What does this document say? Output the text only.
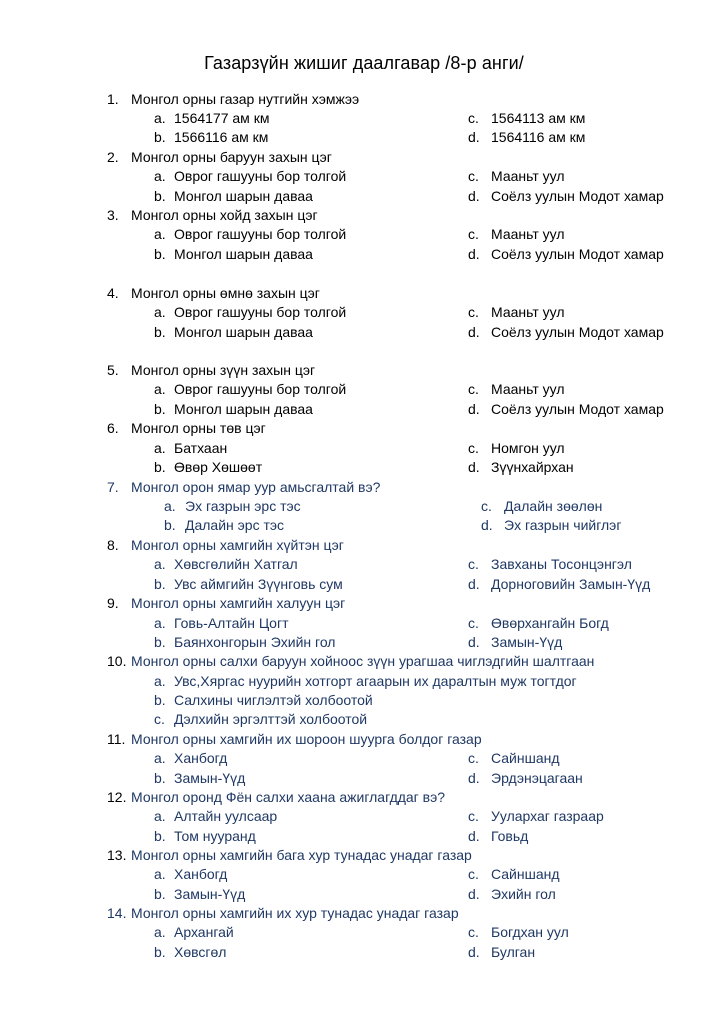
Газарзүйн жишиг даалгавар /8-р анги/
1. Монгол орны газар нутгийн хэмжээ
a. 1564177 ам км	c. 1564113 ам км
b. 1566116 ам км	d. 1564116 ам км
2. Монгол орны баруун захын цэг
a. Оврог гашууны бор толгой	c. Мааньт уул
b. Монгол шарын даваа	d. Соёлз уулын Модот хамар
3. Монгол орны хойд захын цэг
a. Оврог гашууны бор толгой	c. Мааньт уул
b. Монгол шарын даваа	d. Соёлз уулын Модот хамар
4. Монгол орны өмнө захын цэг
a. Оврог гашууны бор толгой	c. Мааньт уул
b. Монгол шарын даваа	d. Соёлз уулын Модот хамар
5. Монгол орны зүүн захын цэг
a. Оврог гашууны бор толгой	c. Мааньт уул
b. Монгол шарын даваа	d. Соёлз уулын Модот хамар
6. Монгол орны төв цэг
a. Батхаан	c. Номгон уул
b. Өвөр Хөшөөт	d. Зүүнхайрхан
7. Монгол орон ямар уур амьсгалтай вэ?
a. Эх газрын эрс тэс	c. Далайн зөөлөн
b. Далайн эрс тэс	d. Эх газрын чийглэг
8. Монгол орны хамгийн хүйтэн цэг
a. Хөвсгөлийн Хатгал	c. Завханы Тосонцэнгэл
b. Увс аймгийн Зүүнговь сум	d. Дорноговийн Замын-Үүд
9. Монгол орны хамгийн халуун цэг
a. Говь-Алтайн Цогт	c. Өвөрхангайн Богд
b. Баянхонгорын Эхийн гол	d. Замын-Үүд
10. Монгол орны салхи баруун хойноос зүүн урагшаа чиглэдгийн шалтгаан
a. Увс,Хяргас нуурийн хотгорт агаарын их даралтын муж тогтдог
b. Салхины чиглэлтэй холбоотой
c. Дэлхийн эргэлттэй холбоотой
11. Монгол орны хамгийн их шороон шуурга болдог газар
a. Ханбогд	c. Сайншанд
b. Замын-Үүд	d. Эрдэнэцагаан
12. Монгол оронд Фён салхи хаана ажиглагддаг вэ?
a. Алтайн уулсаар	c. Уулархаг газраар
b. Том нууранд	d. Говьд
13. Монгол орны хамгийн бага хур тунадас унадаг газар
a. Ханбогд	c. Сайншанд
b. Замын-Үүд	d. Эхийн гол
14. Монгол орны хамгийн их хур тунадас унадаг газар
a. Архангай	c. Богдхан уул
b. Хөвсгөл	d. Булган
